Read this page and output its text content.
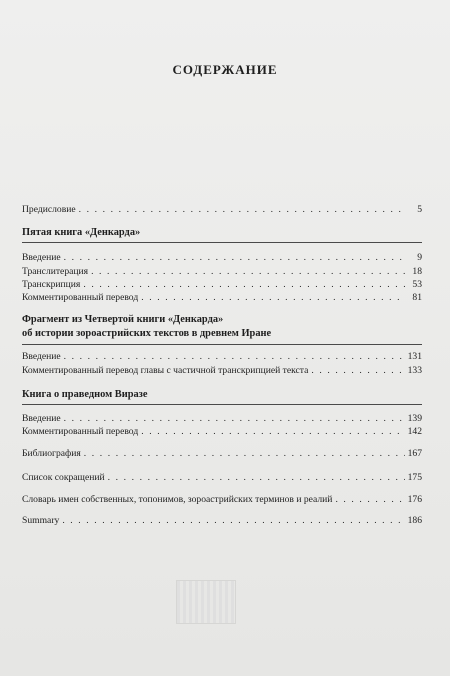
СОДЕРЖАНИЕ
Предисловие . . .	5
Пятая книга «Денкарда»
Введение . . .	9
Транслитерация . . .	18
Транскрипция . . .	53
Комментированный перевод . . .	81
Фрагмент из Четвертой книги «Денкарда»
об истории зороастрийских текстов в древнем Иране
Введение . . .	131
Комментированный перевод главы с частичной транскрипцией текста . . .	133
Книга о праведном Виразе
Введение . . .	139
Комментированный перевод . . .	142
Библиография . . .	167
Список сокращений . . .	175
Словарь имен собственных, топонимов, зороастрийских терминов и реалий . . .	176
Summary . . .	186
